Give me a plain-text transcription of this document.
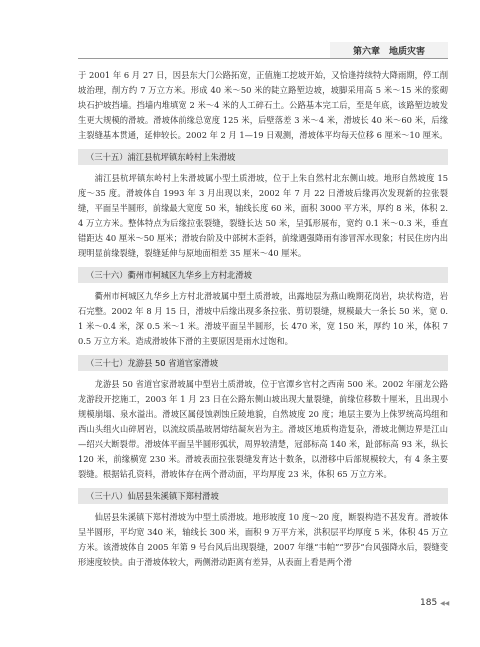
第六章　地质灾害

于 2001 年 6 月 27 日，因县东大门公路拓宽，正值施工挖坡开始，又恰逢持续特大降雨期，停工削坡治理，削方约 7 万立方米。形成 40 米～50 米的陡立路堑边坡，坡脚采用高 5 米～15 米的浆砌块石护坡挡墙。挡墙内堆填宽 2 米～4 米的人工碎石土。公路基本完工后，至是年底，该路堑边坡发生更大规模的滑坡。滑坡体前缘总宽度 125 米，后壁落差 3 米～4 米，滑坡长 40 米～60 米，后缘主裂缝基本贯通，延伸较长。2002 年 2 月 1—19 日观测，滑坡体平均每天位移 6 厘米～10 厘米。

（三十五）浦江县杭坪镇东岭村上朱滑坡

浦江县杭坪镇东岭村上朱滑坡属小型土质滑坡，位于上朱自然村北东侧山坡。地形自然坡度 15 度～35 度。滑坡体自 1993 年 3 月出现以来，2002 年 7 月 22 日滑坡后缘再次发现新的拉张裂缝，平面呈半圆形，前缘最大宽度 50 米，轴线长度 60 米，面积 3000 平方米，厚约 8 米，体积 2.4 万立方米。整体特点为后缘拉张裂缝，裂缝长达 50 米，呈弧形展布，宽约 0.1 米～0.3 米，垂直错距达 40 厘米～50 厘米；滑坡台阶及中部树木歪斜，前缘遇强降雨有渗冒浑水现象；村民住房内出现明显前缘裂缝，裂缝延伸与原地面相差 35 厘米～40 厘米。

（三十六）衢州市柯城区九华乡上方村北滑坡

衢州市柯城区九华乡上方村北滑坡属中型土质滑坡，出露地层为燕山晚期花岗岩，块状构造，岩石完整。2002 年 8 月 15 日，滑坡中后缘出现多条拉张、剪切裂缝，规模最大一条长 50 米，宽 0.1 米～0.4 米，深 0.5 米～1 米。滑坡平面呈半圆形，长 470 米，宽 150 米，厚约 10 米，体积 70.5 万立方米。造成滑坡体下滑的主要原因是雨水过饱和。

（三十七）龙游县 50 省道官家滑坡

龙游县 50 省道官家滑坡属中型岩土质滑坡，位于官潭乡官村之西南 500 米。2002 年丽龙公路龙游段开挖施工，2003 年 1 月 23 日在公路东侧山坡出现大量裂缝，前缘位移数十厘米，且出现小规模崩塌、泉水溢出。滑坡区属侵蚀剥蚀丘陵地貌，自然坡度 20 度；地层主要为上侏罗统高坞组和西山头组火山碎屑岩，以流纹质晶玻屑熔结凝灰岩为主。滑坡区地质构造复杂，滑坡北侧边界是江山—绍兴大断裂带。滑坡体平面呈半圆形弧状，周界较清楚，冠部标高 140 米，趾部标高 93 米，纵长 120 米，前缘横宽 230 米。滑坡表面拉张裂缝发育达十数条，以滑移中后部规模较大，有 4 条主要裂缝。根据钻孔资料，滑坡体存在两个滑动面，平均厚度 23 米，体积 65 万立方米。

（三十八）仙居县朱溪镇下郑村滑坡

仙居县朱溪镇下郑村滑坡为中型土质滑坡。地形坡度 10 度～20 度，断裂构造不甚发育。滑坡体呈半圆形，平均宽 340 米，轴线长 300 米，面积 9 万平方米，洪积层平均厚度 5 米，体积 45 万立方米。该滑坡体自 2005 年第 9 号台风后出现裂缝，2007 年继“韦帕”“罗莎”台风强降水后，裂缝变形速度较快。由于滑坡体较大，两侧滑动距离有差异，从表面上看是两个滑

185 ◀◀
